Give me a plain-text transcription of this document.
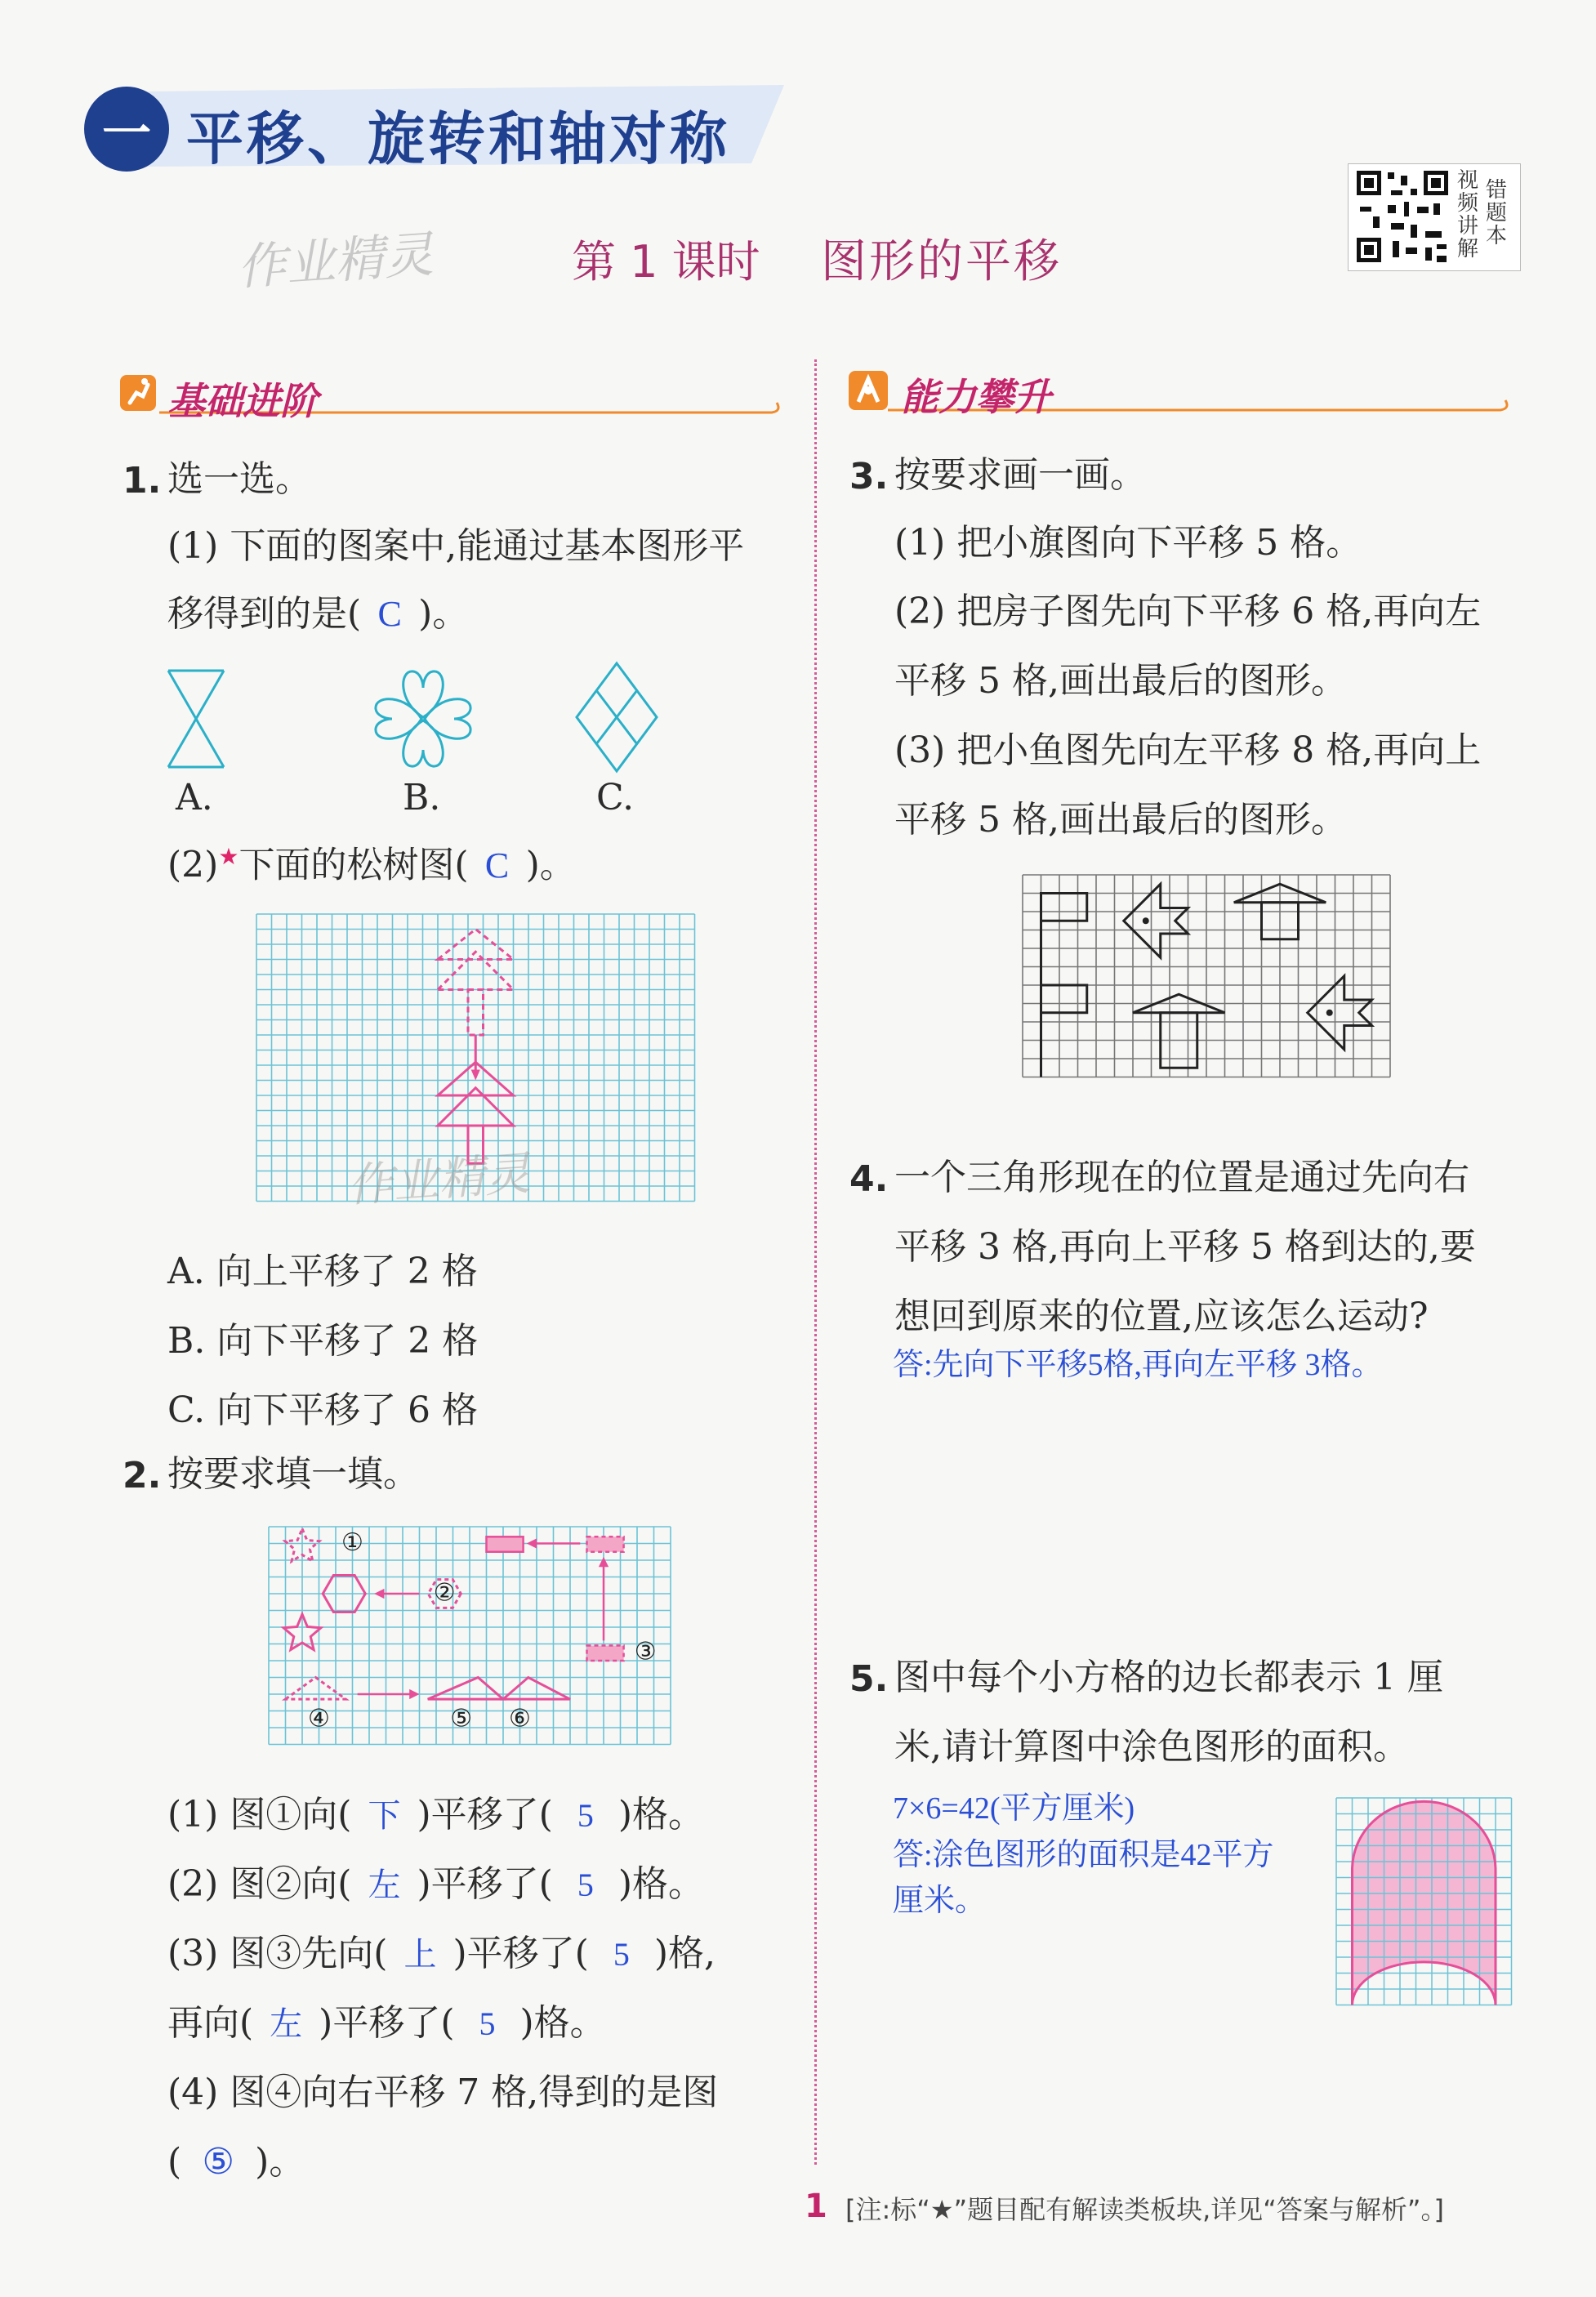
一 平移、旋转和轴对称
作业精灵	第 1 课时 图形的平移
视频讲解
错题本
基础进阶	能力攀升
1. 选一选。
(1) 下面的图案中,能通过基本图形平
移得到的是( C )。
A.	B.	C.
(2)★下面的松树图( C )。
作业精灵
A. 向上平移了 2 格
B. 向下平移了 2 格
C. 向下平移了 6 格
2. 按要求填一填。
①
②
③
④	⑤ ⑥
(1) 图①向( 下 )平移了( 5 )格。
(2) 图②向( 左 )平移了( 5 )格。
(3) 图③先向( 上 )平移了( 5 )格,
再向( 左 )平移了( 5 )格。
(4) 图④向右平移 7 格,得到的是图
( ⑤ )。
3. 按要求画一画。
(1) 把小旗图向下平移 5 格。
(2) 把房子图先向下平移 6 格,再向左
平移 5 格,画出最后的图形。
(3) 把小鱼图先向左平移 8 格,再向上
平移 5 格,画出最后的图形。
4. 一个三角形现在的位置是通过先向右
平移 3 格,再向上平移 5 格到达的,要
想回到原来的位置,应该怎么运动?
答:先向下平移5格,再向左平移 3格。
5. 图中每个小方格的边长都表示 1 厘
米,请计算图中涂色图形的面积。
7×6=42(平方厘米)
答:涂色图形的面积是42平方
厘米。
1 [注:标“★”题目配有解读类板块,详见“答案与解析”。]
